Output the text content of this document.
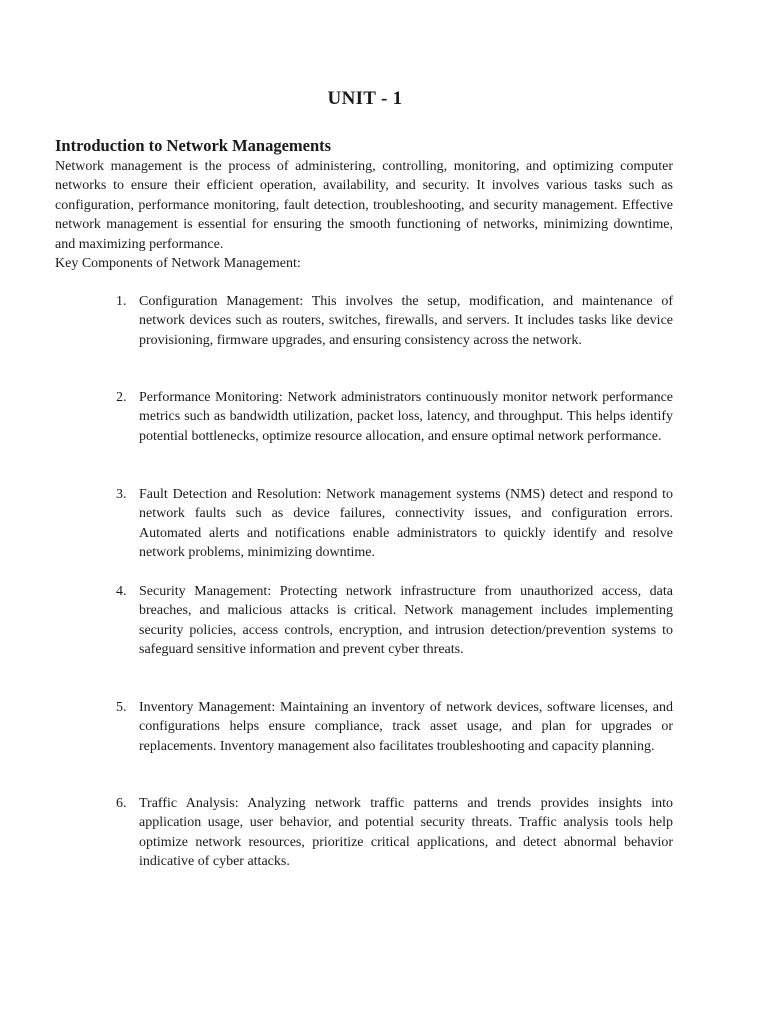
UNIT - 1
Introduction to Network Managements

Network management is the process of administering, controlling, monitoring, and optimizing computer networks to ensure their efficient operation, availability, and security. It involves various tasks such as configuration, performance monitoring, fault detection, troubleshooting, and security management. Effective network management is essential for ensuring the smooth functioning of networks, minimizing downtime, and maximizing performance.

Key Components of Network Management:

1. Configuration Management: This involves the setup, modification, and maintenance of network devices such as routers, switches, firewalls, and servers. It includes tasks like device provisioning, firmware upgrades, and ensuring consistency across the network.

2. Performance Monitoring: Network administrators continuously monitor network performance metrics such as bandwidth utilization, packet loss, latency, and throughput. This helps identify potential bottlenecks, optimize resource allocation, and ensure optimal network performance.

3. Fault Detection and Resolution: Network management systems (NMS) detect and respond to network faults such as device failures, connectivity issues, and configuration errors. Automated alerts and notifications enable administrators to quickly identify and resolve network problems, minimizing downtime.

4. Security Management: Protecting network infrastructure from unauthorized access, data breaches, and malicious attacks is critical. Network management includes implementing security policies, access controls, encryption, and intrusion detection/prevention systems to safeguard sensitive information and prevent cyber threats.

5. Inventory Management: Maintaining an inventory of network devices, software licenses, and configurations helps ensure compliance, track asset usage, and plan for upgrades or replacements. Inventory management also facilitates troubleshooting and capacity planning.

6. Traffic Analysis: Analyzing network traffic patterns and trends provides insights into application usage, user behavior, and potential security threats. Traffic analysis tools help optimize network resources, prioritize critical applications, and detect abnormal behavior indicative of cyber attacks.
